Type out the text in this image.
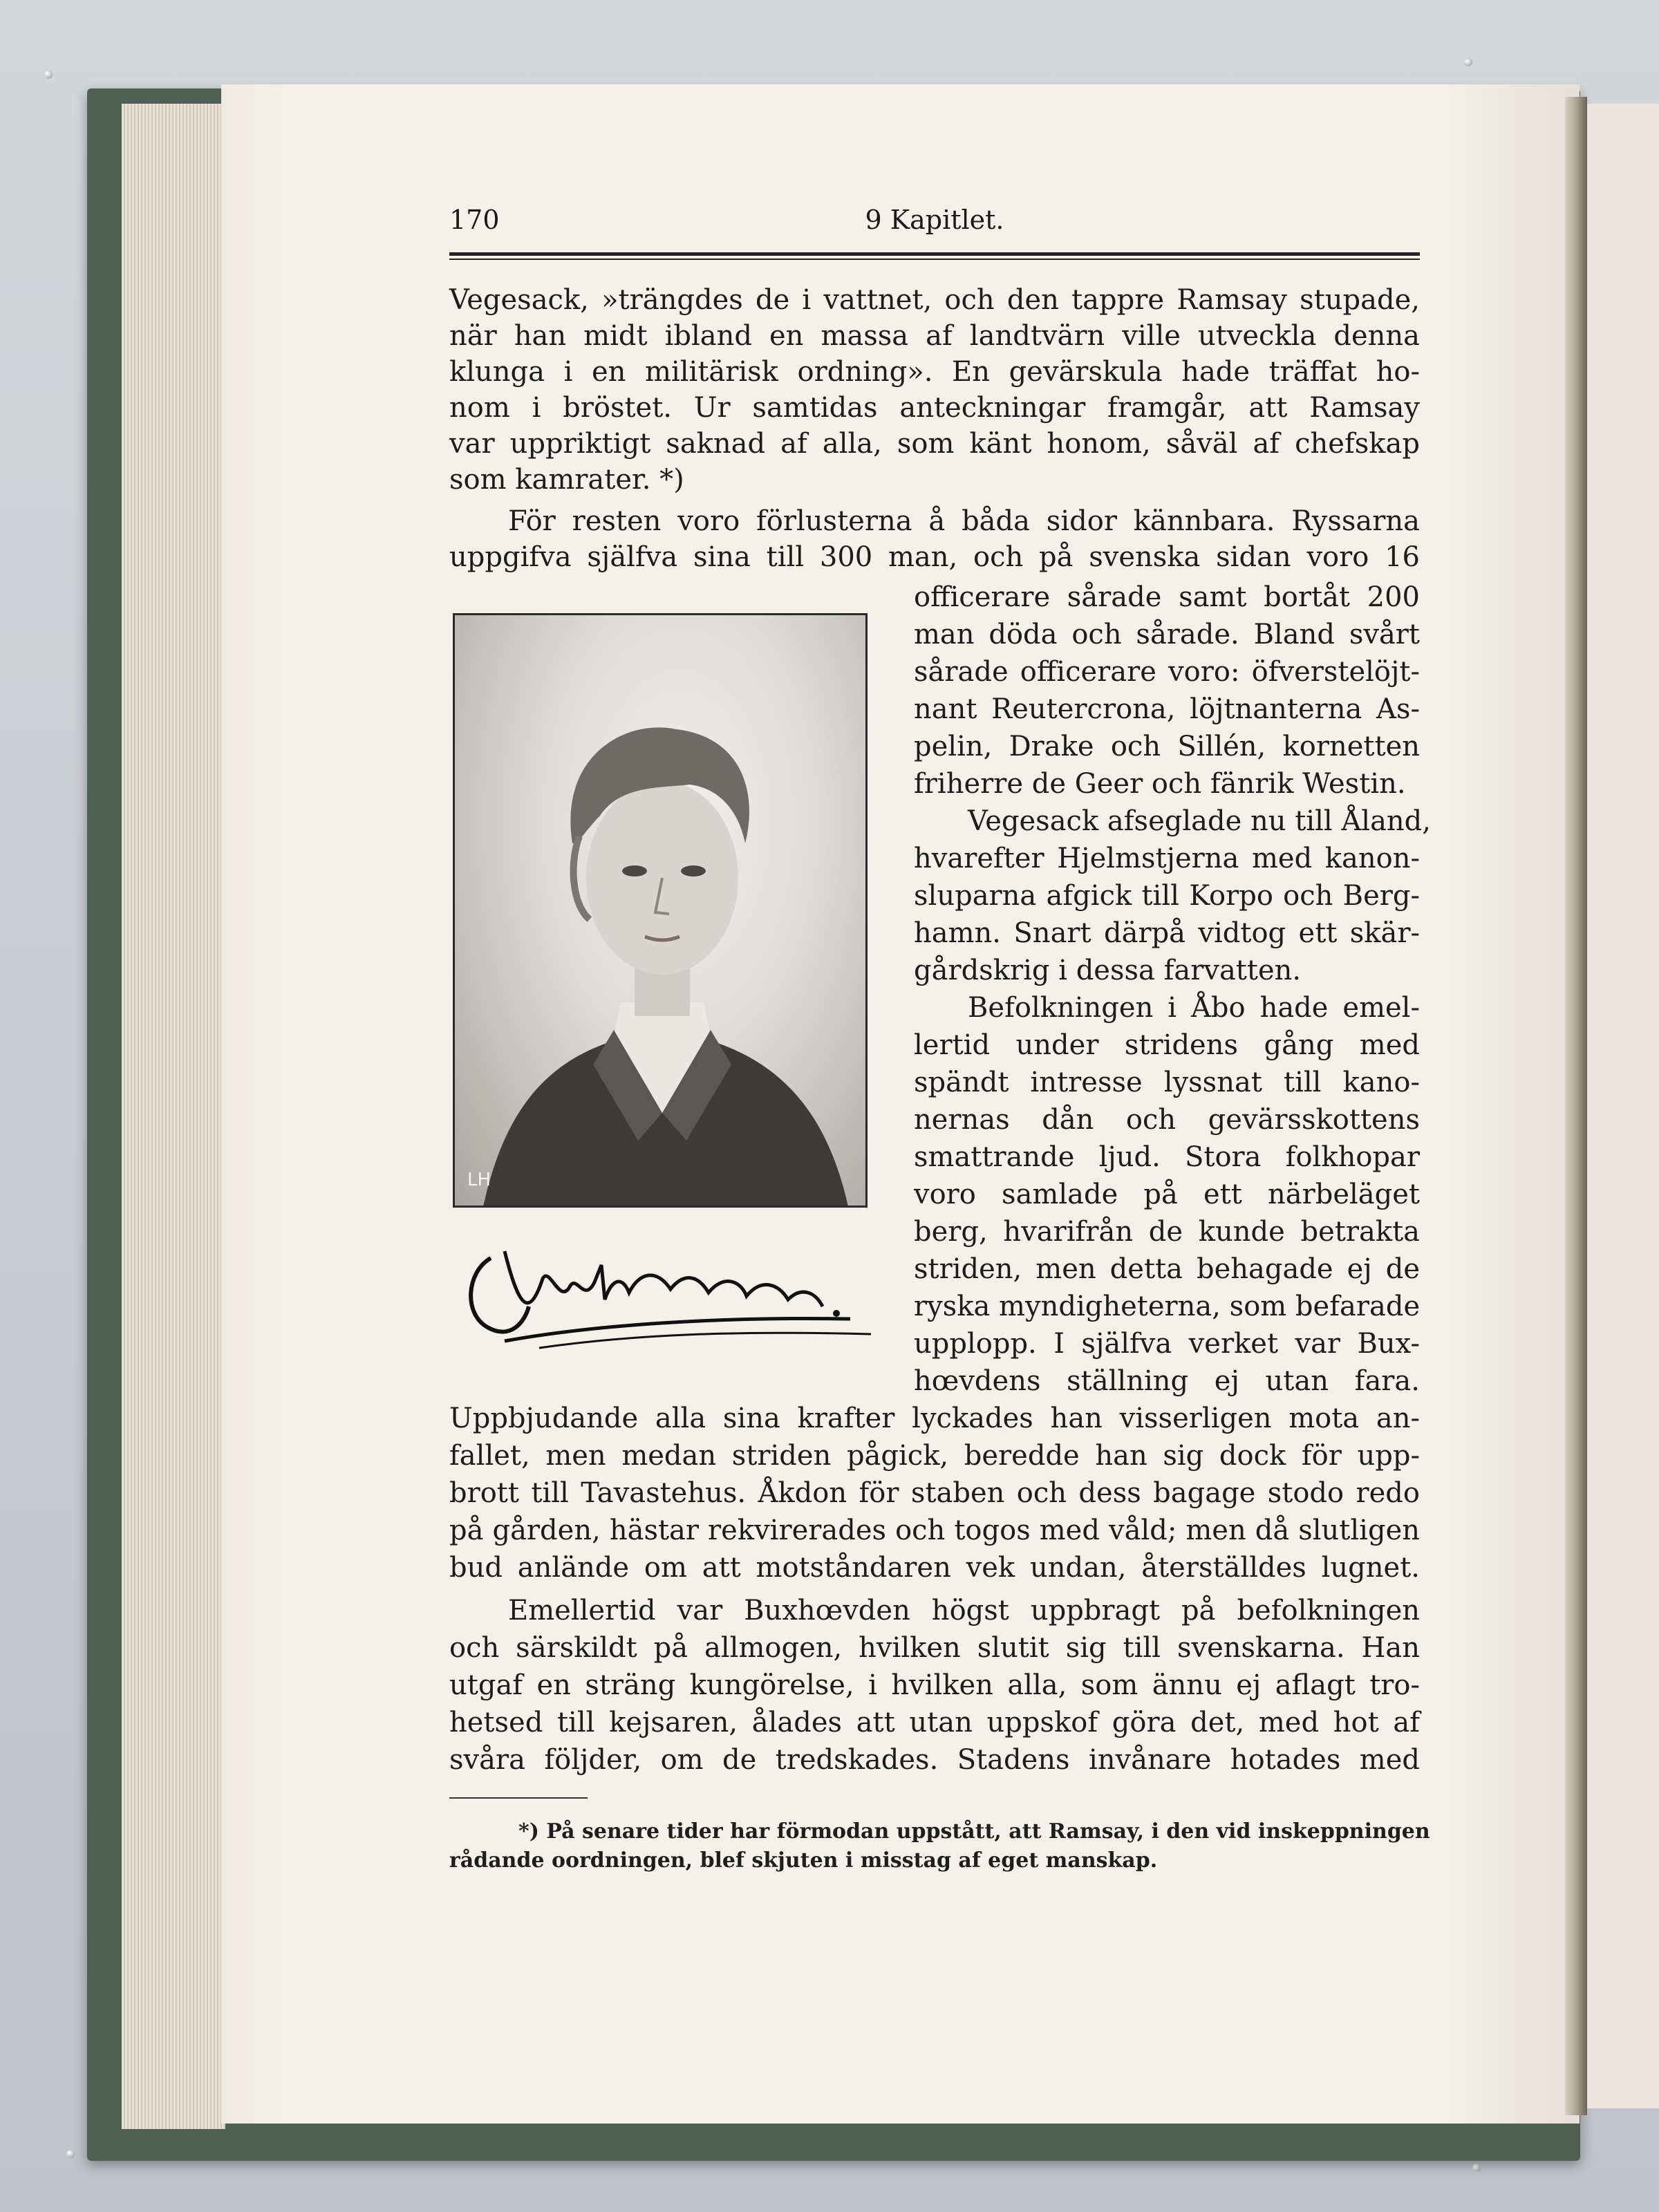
170	9 Kapitlet.
Vegesack, »trängdes de i vattnet, och den tappre Ramsay stupade,
när han midt ibland en massa af landtvärn ville utveckla denna
klunga i en militärisk ordning». En gevärskula hade träffat ho-
nom i bröstet. Ur samtidas anteckningar framgår, att Ramsay
var uppriktigt saknad af alla, som känt honom, såväl af chefskap
som kamrater. *)
För resten voro förlusterna å båda sidor kännbara. Ryssarna
uppgifva själfva sina till 300 man, och på svenska sidan voro 16
officerare sårade samt bortåt 200
man döda och sårade. Bland svårt
sårade officerare voro: öfverstelöjt-
nant Reutercrona, löjtnanterna As-
pelin, Drake och Sillén, kornetten
friherre de Geer och fänrik Westin.
Vegesack afseglade nu till Åland,
hvarefter Hjelmstjerna med kanon-
sluparna afgick till Korpo och Berg-
hamn. Snart därpå vidtog ett skär-
gårdskrig i dessa farvatten.
Befolkningen i Åbo hade emel-
lertid under stridens gång med
spändt intresse lyssnat till kano-
nernas dån och gevärsskottens
smattrande ljud. Stora folkhopar
voro samlade på ett närbeläget
berg, hvarifrån de kunde betrakta
striden, men detta behagade ej de
ryska myndigheterna, som befarade
upplopp. I själfva verket var Bux-
hœvdens ställning ej utan fara.
LH
Uppbjudande alla sina krafter lyckades han visserligen mota an-
fallet, men medan striden pågick, beredde han sig dock för upp-
brott till Tavastehus. Åkdon för staben och dess bagage stodo redo
på gården, hästar rekvirerades och togos med våld; men då slutligen
bud anlände om att motståndaren vek undan, återställdes lugnet.
Emellertid var Buxhœvden högst uppbragt på befolkningen
och särskildt på allmogen, hvilken slutit sig till svenskarna. Han
utgaf en sträng kungörelse, i hvilken alla, som ännu ej aflagt tro-
hetsed till kejsaren, ålades att utan uppskof göra det, med hot af
svåra följder, om de tredskades. Stadens invånare hotades med
*) På senare tider har förmodan uppstått, att Ramsay, i den vid inskeppningen
rådande oordningen, blef skjuten i misstag af eget manskap.
